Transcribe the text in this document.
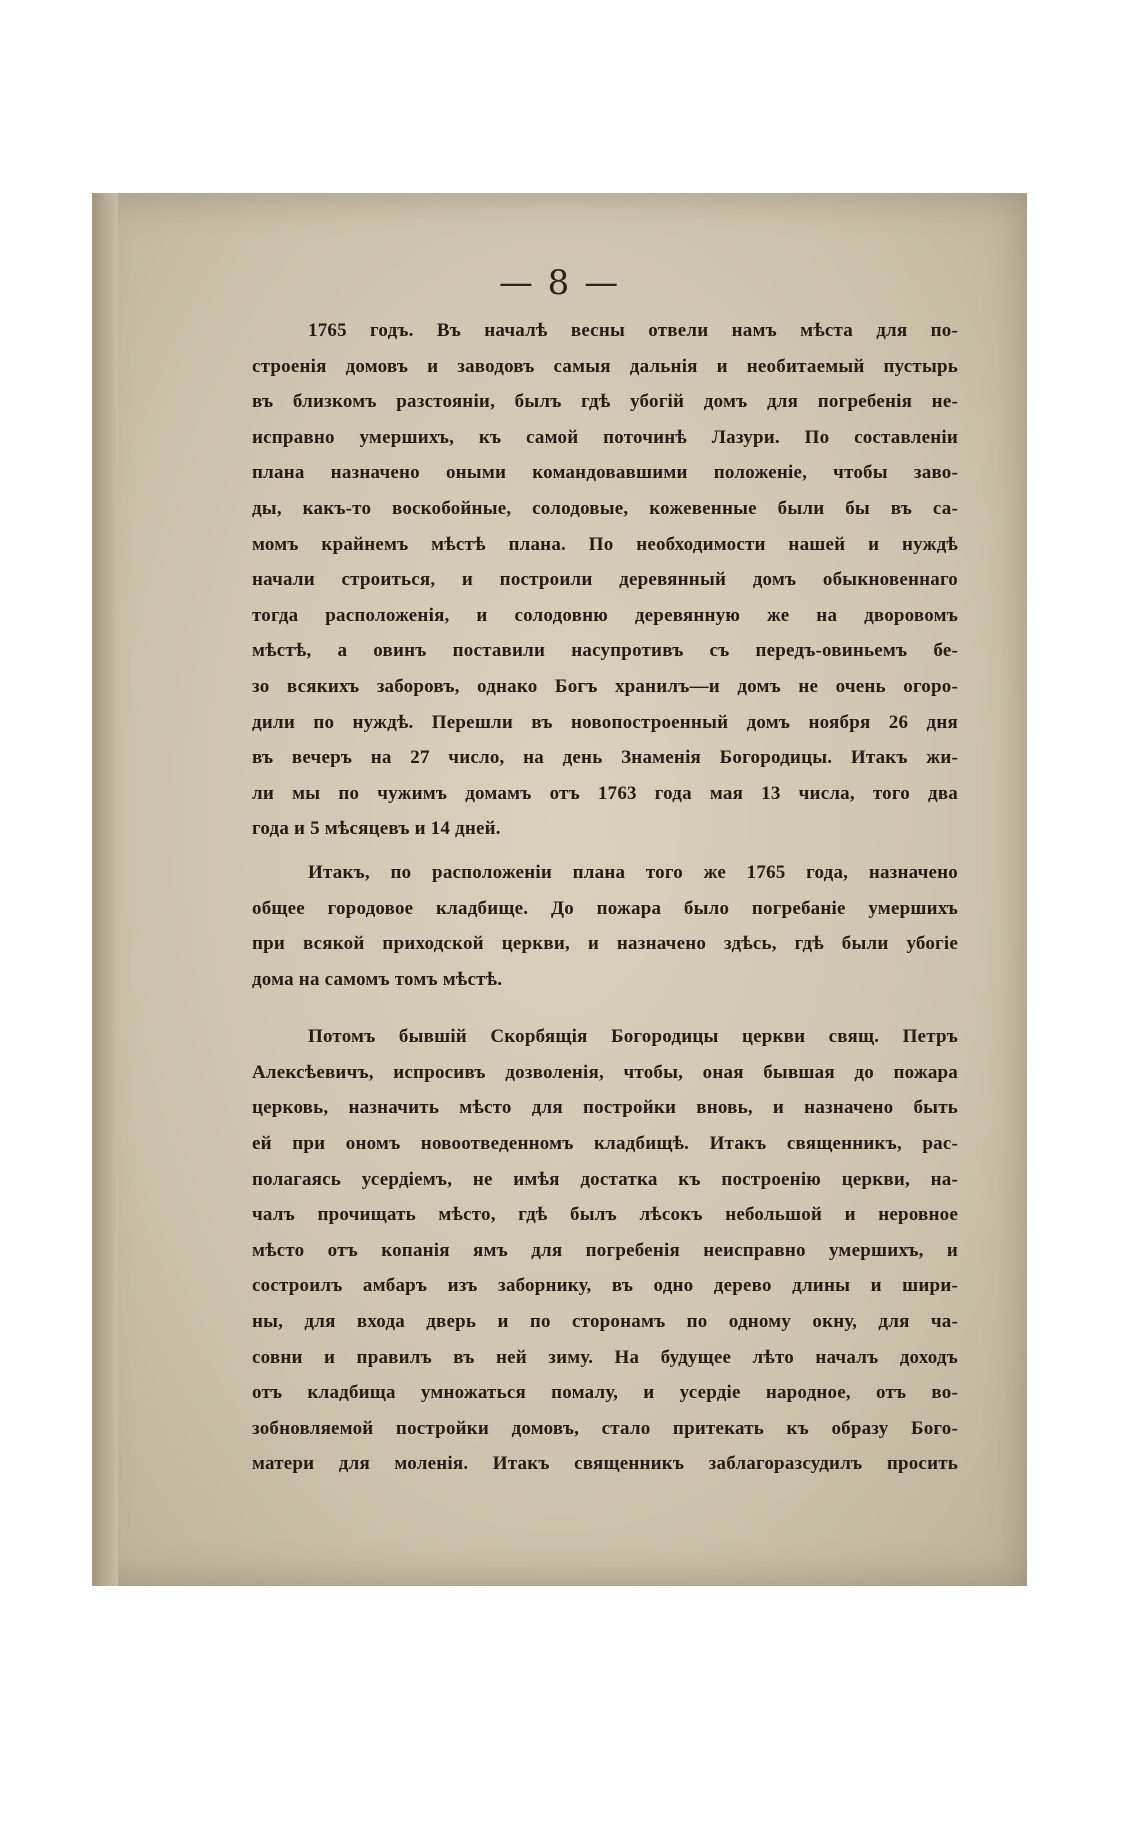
— 8 —

1765 годъ. Въ началѣ весны отвели намъ мѣста для по-
строенія домовъ и заводовъ самыя дальнія и необитаемый пустырь
въ близкомъ разстояніи, былъ гдѣ убогій домъ для погребенія не-
исправно умершихъ, къ самой поточинѣ Лазури. По составленіи
плана назначено оными командовавшими положеніе, чтобы заво-
ды, какъ-то воскобойные, солодовые, кожевенные были бы въ са-
момъ крайнемъ мѣстѣ плана. По необходимости нашей и нуждѣ
начали строиться, и построили деревянный домъ обыкновеннаго
тогда расположенія, и солодовню деревянную же на дворовомъ
мѣстѣ, а овинъ поставили насупротивъ съ передъ-овиньемъ бе-
зо всякихъ заборовъ, однако Богъ хранилъ—и домъ не очень огоро-
дили по нуждѣ. Перешли въ новопостроенный домъ ноября 26 дня
въ вечеръ на 27 число, на день Знаменія Богородицы. Итакъ жи-
ли мы по чужимъ домамъ отъ 1763 года мая 13 числа, того два
года и 5 мѣсяцевъ и 14 дней.

Итакъ, по расположеніи плана того же 1765 года, назначено
общее городовое кладбище. До пожара было погребаніе умершихъ
при всякой приходской церкви, и назначено здѣсь, гдѣ были убогіе
дома на самомъ томъ мѣстѣ.

Потомъ бывшій Скорбящія Богородицы церкви свящ. Петръ
Алексѣевичъ, испросивъ дозволенія, чтобы, оная бывшая до пожара
церковь, назначить мѣсто для постройки вновь, и назначено быть
ей при ономъ новоотведенномъ кладбищѣ. Итакъ священникъ, рас-
полагаясь усердіемъ, не имѣя достатка къ построенію церкви, на-
чалъ прочищать мѣсто, гдѣ былъ лѣсокъ небольшой и неровное
мѣсто отъ копанія ямъ для погребенія неисправно умершихъ, и
состроилъ амбаръ изъ заборнику, въ одно дерево длины и шири-
ны, для входа дверь и по сторонамъ по одному окну, для ча-
совни и правилъ въ ней зиму. На будущее лѣто началъ доходъ
отъ кладбища умножаться помалу, и усердіе народное, отъ во-
зобновляемой постройки домовъ, стало притекать къ образу Бого-
матери для моленія. Итакъ священникъ заблагоразсудилъ просить
